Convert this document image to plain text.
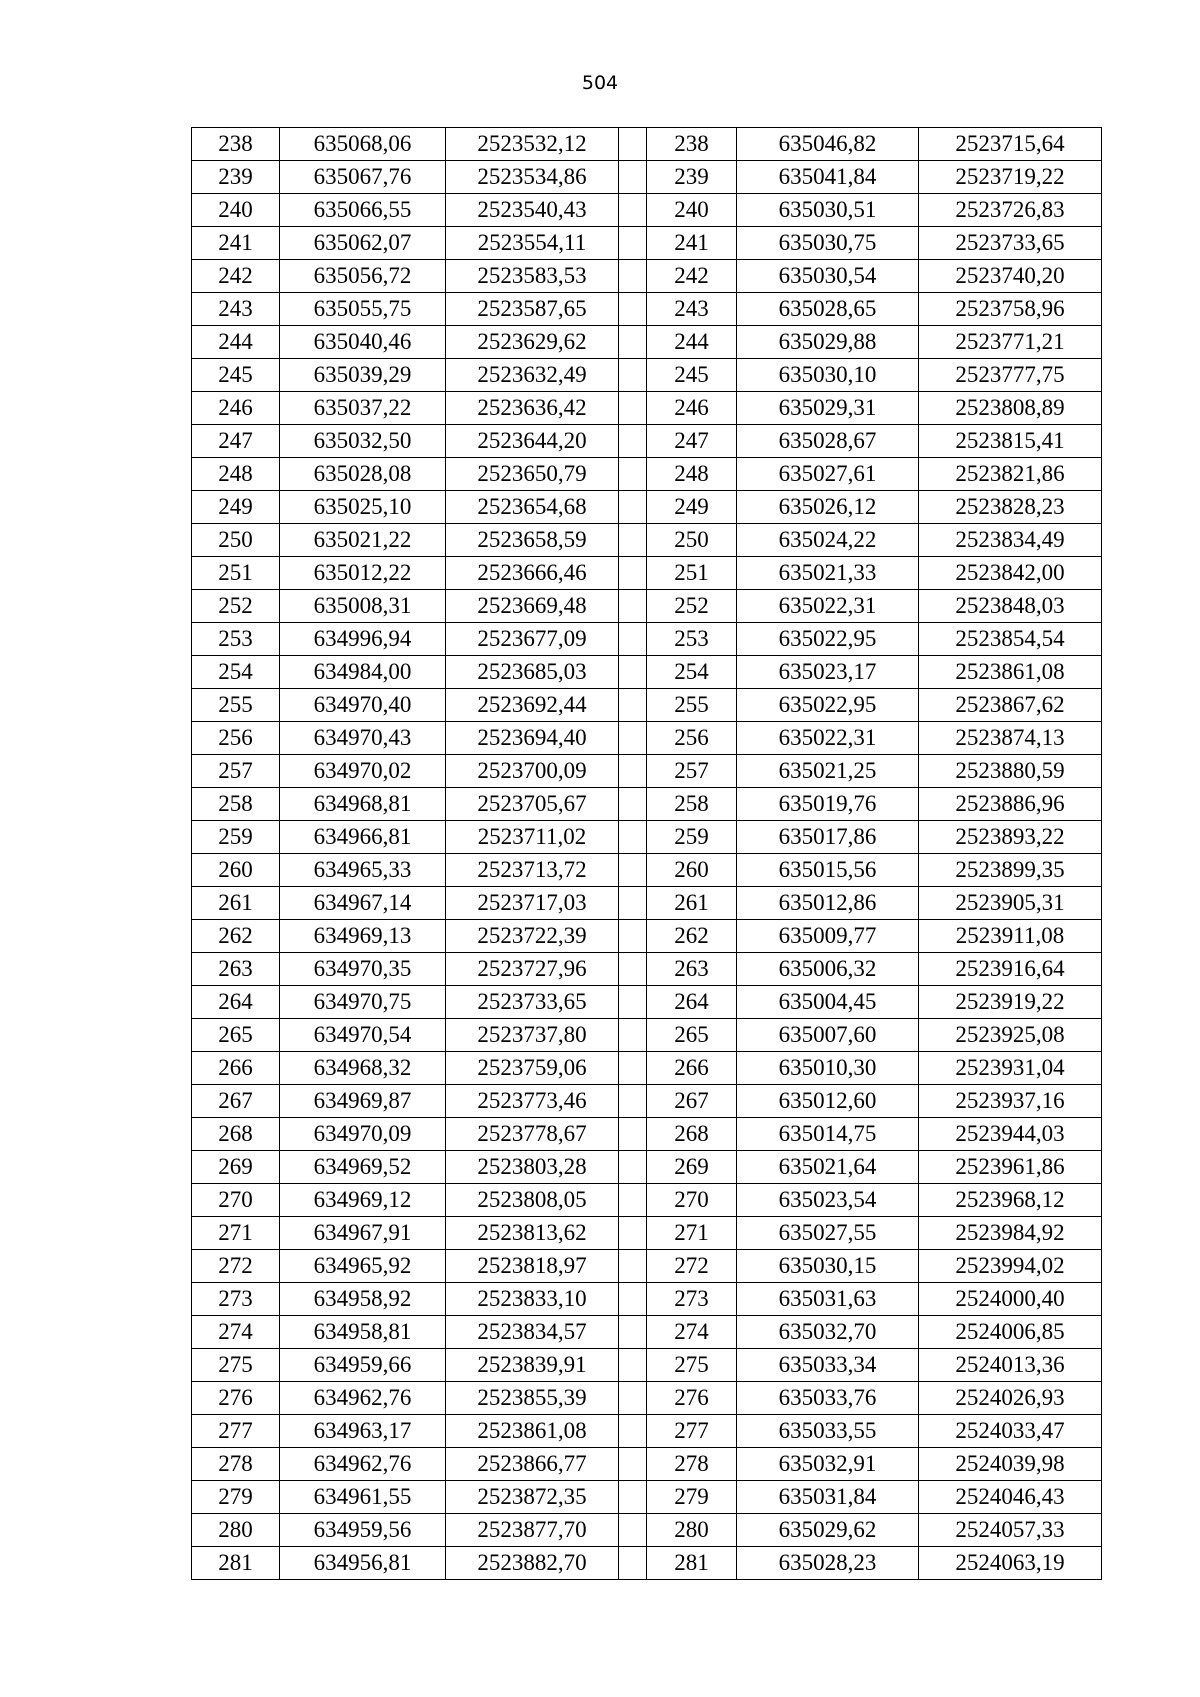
504
238	635068,06	2523532,12		238	635046,82	2523715,64
239	635067,76	2523534,86		239	635041,84	2523719,22
240	635066,55	2523540,43		240	635030,51	2523726,83
241	635062,07	2523554,11		241	635030,75	2523733,65
242	635056,72	2523583,53		242	635030,54	2523740,20
243	635055,75	2523587,65		243	635028,65	2523758,96
244	635040,46	2523629,62		244	635029,88	2523771,21
245	635039,29	2523632,49		245	635030,10	2523777,75
246	635037,22	2523636,42		246	635029,31	2523808,89
247	635032,50	2523644,20		247	635028,67	2523815,41
248	635028,08	2523650,79		248	635027,61	2523821,86
249	635025,10	2523654,68		249	635026,12	2523828,23
250	635021,22	2523658,59		250	635024,22	2523834,49
251	635012,22	2523666,46		251	635021,33	2523842,00
252	635008,31	2523669,48		252	635022,31	2523848,03
253	634996,94	2523677,09		253	635022,95	2523854,54
254	634984,00	2523685,03		254	635023,17	2523861,08
255	634970,40	2523692,44		255	635022,95	2523867,62
256	634970,43	2523694,40		256	635022,31	2523874,13
257	634970,02	2523700,09		257	635021,25	2523880,59
258	634968,81	2523705,67		258	635019,76	2523886,96
259	634966,81	2523711,02		259	635017,86	2523893,22
260	634965,33	2523713,72		260	635015,56	2523899,35
261	634967,14	2523717,03		261	635012,86	2523905,31
262	634969,13	2523722,39		262	635009,77	2523911,08
263	634970,35	2523727,96		263	635006,32	2523916,64
264	634970,75	2523733,65		264	635004,45	2523919,22
265	634970,54	2523737,80		265	635007,60	2523925,08
266	634968,32	2523759,06		266	635010,30	2523931,04
267	634969,87	2523773,46		267	635012,60	2523937,16
268	634970,09	2523778,67		268	635014,75	2523944,03
269	634969,52	2523803,28		269	635021,64	2523961,86
270	634969,12	2523808,05		270	635023,54	2523968,12
271	634967,91	2523813,62		271	635027,55	2523984,92
272	634965,92	2523818,97		272	635030,15	2523994,02
273	634958,92	2523833,10		273	635031,63	2524000,40
274	634958,81	2523834,57		274	635032,70	2524006,85
275	634959,66	2523839,91		275	635033,34	2524013,36
276	634962,76	2523855,39		276	635033,76	2524026,93
277	634963,17	2523861,08		277	635033,55	2524033,47
278	634962,76	2523866,77		278	635032,91	2524039,98
279	634961,55	2523872,35		279	635031,84	2524046,43
280	634959,56	2523877,70		280	635029,62	2524057,33
281	634956,81	2523882,70		281	635028,23	2524063,19
